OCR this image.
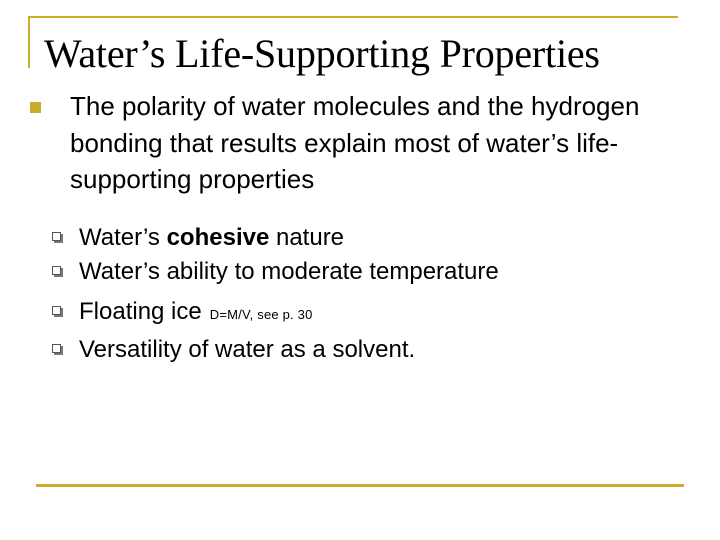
Water’s Life-Supporting Properties
The polarity of water molecules and the hydrogen bonding that results explain most of water’s life-supporting properties
Water’s cohesive nature
Water’s ability to moderate temperature
Floating ice D=M/V, see p. 30
Versatility of water as a solvent.
